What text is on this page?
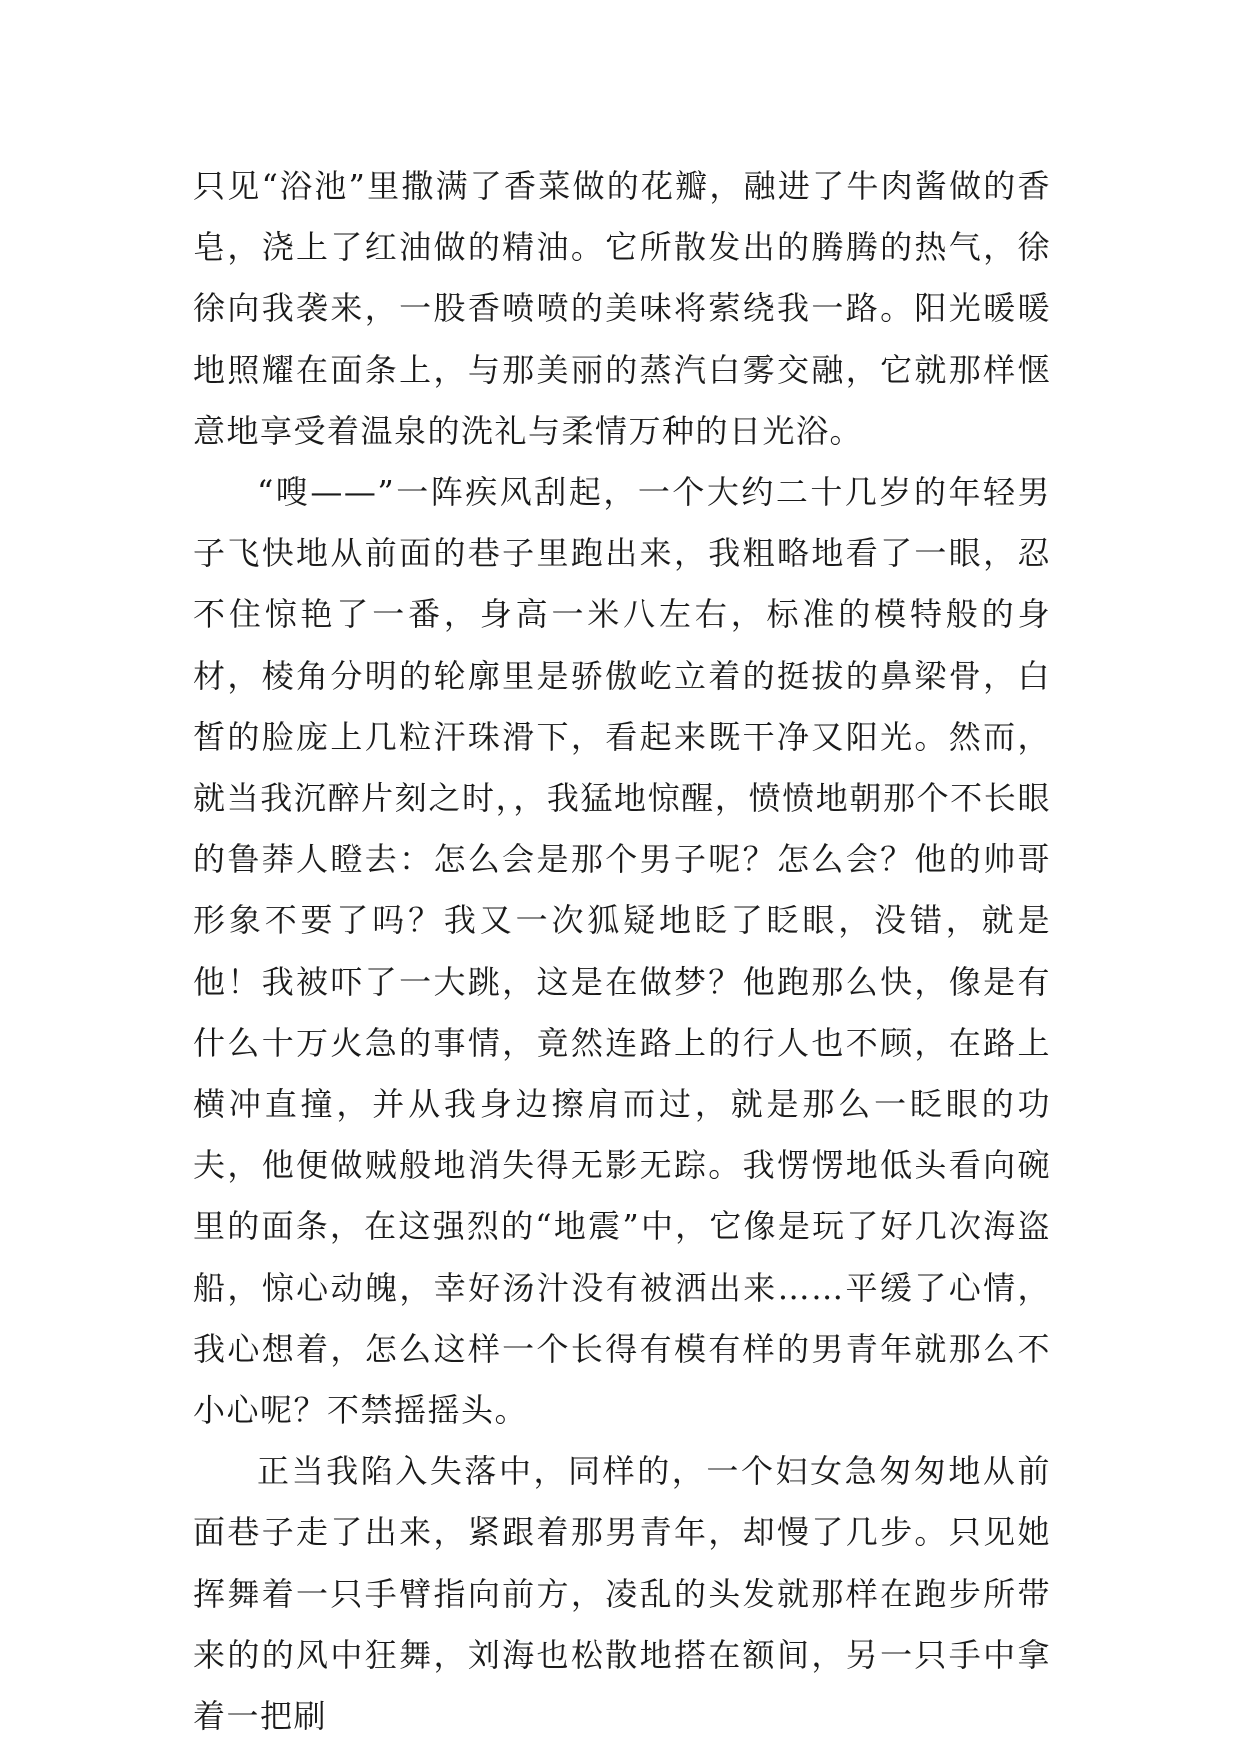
只见“浴池”里撒满了香菜做的花瓣，融进了牛肉酱做的香皂，浇上了红油做的精油。它所散发出的腾腾的热气，徐徐向我袭来，一股香喷喷的美味将萦绕我一路。阳光暖暖地照耀在面条上，与那美丽的蒸汽白雾交融，它就那样惬意地享受着温泉的洗礼与柔情万种的日光浴。

“嗖——”一阵疾风刮起，一个大约二十几岁的年轻男子飞快地从前面的巷子里跑出来，我粗略地看了一眼，忍不住惊艳了一番，身高一米八左右，标准的模特般的身材，棱角分明的轮廓里是骄傲屹立着的挺拔的鼻梁骨，白皙的脸庞上几粒汗珠滑下，看起来既干净又阳光。然而，就当我沉醉片刻之时，，我猛地惊醒，愤愤地朝那个不长眼的鲁莽人瞪去：怎么会是那个男子呢？怎么会？他的帅哥形象不要了吗？我又一次狐疑地眨了眨眼，没错，就是他！我被吓了一大跳，这是在做梦？他跑那么快，像是有什么十万火急的事情，竟然连路上的行人也不顾，在路上横冲直撞，并从我身边擦肩而过，就是那么一眨眼的功夫，他便做贼般地消失得无影无踪。我愣愣地低头看向碗里的面条，在这强烈的“地震”中，它像是玩了好几次海盗船，惊心动魄，幸好汤汁没有被洒出来……平缓了心情，我心想着，怎么这样一个长得有模有样的男青年就那么不小心呢？不禁摇摇头。

正当我陷入失落中，同样的，一个妇女急匆匆地从前面巷子走了出来，紧跟着那男青年，却慢了几步。只见她挥舞着一只手臂指向前方，凌乱的头发就那样在跑步所带来的的风中狂舞，刘海也松散地搭在额间，另一只手中拿着一把刷
